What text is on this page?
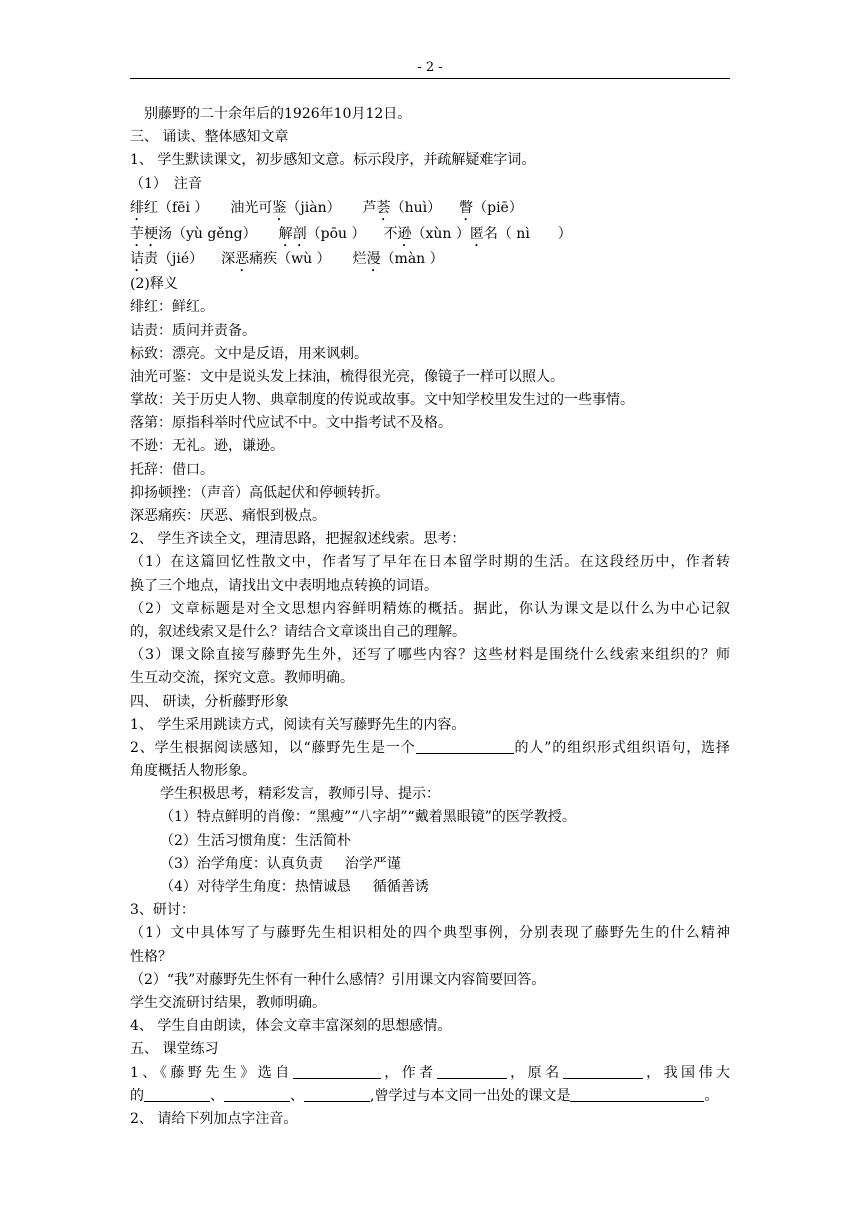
- 2 -
别藤野的二十余年后的1926年10月12日。
三、 诵读、整体感知文章
1、 学生默读课文，初步感知文意。标示段序，并疏解疑难字词。
（1）　注音
绯红（fēi ） 油光可鉴（jiàn） 芦荟（huì） 瞥（piē）
芋梗汤（yù gěng） 解剖（pōu ） 不逊（xùn ）匿名（ nì　　）
诘责（jié） 深恶痛疾（wù ） 烂漫（màn ）
(2)释义
绯红：鲜红。
诘责：质问并责备。
标致：漂亮。文中是反语，用来讽刺。
油光可鉴：文中是说头发上抹油，梳得很光亮，像镜子一样可以照人。
掌故：关于历史人物、典章制度的传说或故事。文中知学校里发生过的一些事情。
落第：原指科举时代应试不中。文中指考试不及格。
不逊：无礼。逊，谦逊。
托辞：借口。
抑扬顿挫：（声音）高低起伏和停顿转折。
深恶痛疾：厌恶、痛恨到极点。
2、 学生齐读全文，理清思路，把握叙述线索。思考：
（1）在这篇回忆性散文中，作者写了早年在日本留学时期的生活。在这段经历中，作者转
换了三个地点，请找出文中表明地点转换的词语。
（2）文章标题是对全文思想内容鲜明精炼的概括。据此，你认为课文是以什么为中心记叙
的，叙述线索又是什么？请结合文章谈出自己的理解。
（3）课文除直接写藤野先生外，还写了哪些内容？这些材料是围绕什么线索来组织的？师
生互动交流，探究文意。教师明确。
四、 研读，分析藤野形象
1、 学生采用跳读方式，阅读有关写藤野先生的内容。
2、学生根据阅读感知，以“藤野先生是一个	的人”的组织形式组织语句，选择
角度概括人物形象。
学生积极思考，精彩发言，教师引导、提示：
（1）特点鲜明的肖像：“黑瘦”“八字胡”“戴着黑眼镜”的医学教授。
（2）生活习惯角度：生活简朴
（3）治学角度：认真负责 治学严谨
（4）对待学生角度：热情诚恳 循循善诱
3、研讨：
（1）文中具体写了与藤野先生相识相处的四个典型事例，分别表现了藤野先生的什么精神
性格？
（2）“我”对藤野先生怀有一种什么感情？引用课文内容简要回答。
学生交流研讨结果，教师明确。
4、 学生自由朗读，体会文章丰富深刻的思想感情。
五、 课堂练习
1、《藤野先生》选自	，作者	，原名	，我国伟大
的	、	、	,曾学过与本文同一出处的课文是	。
2、 请给下列加点字注音。
